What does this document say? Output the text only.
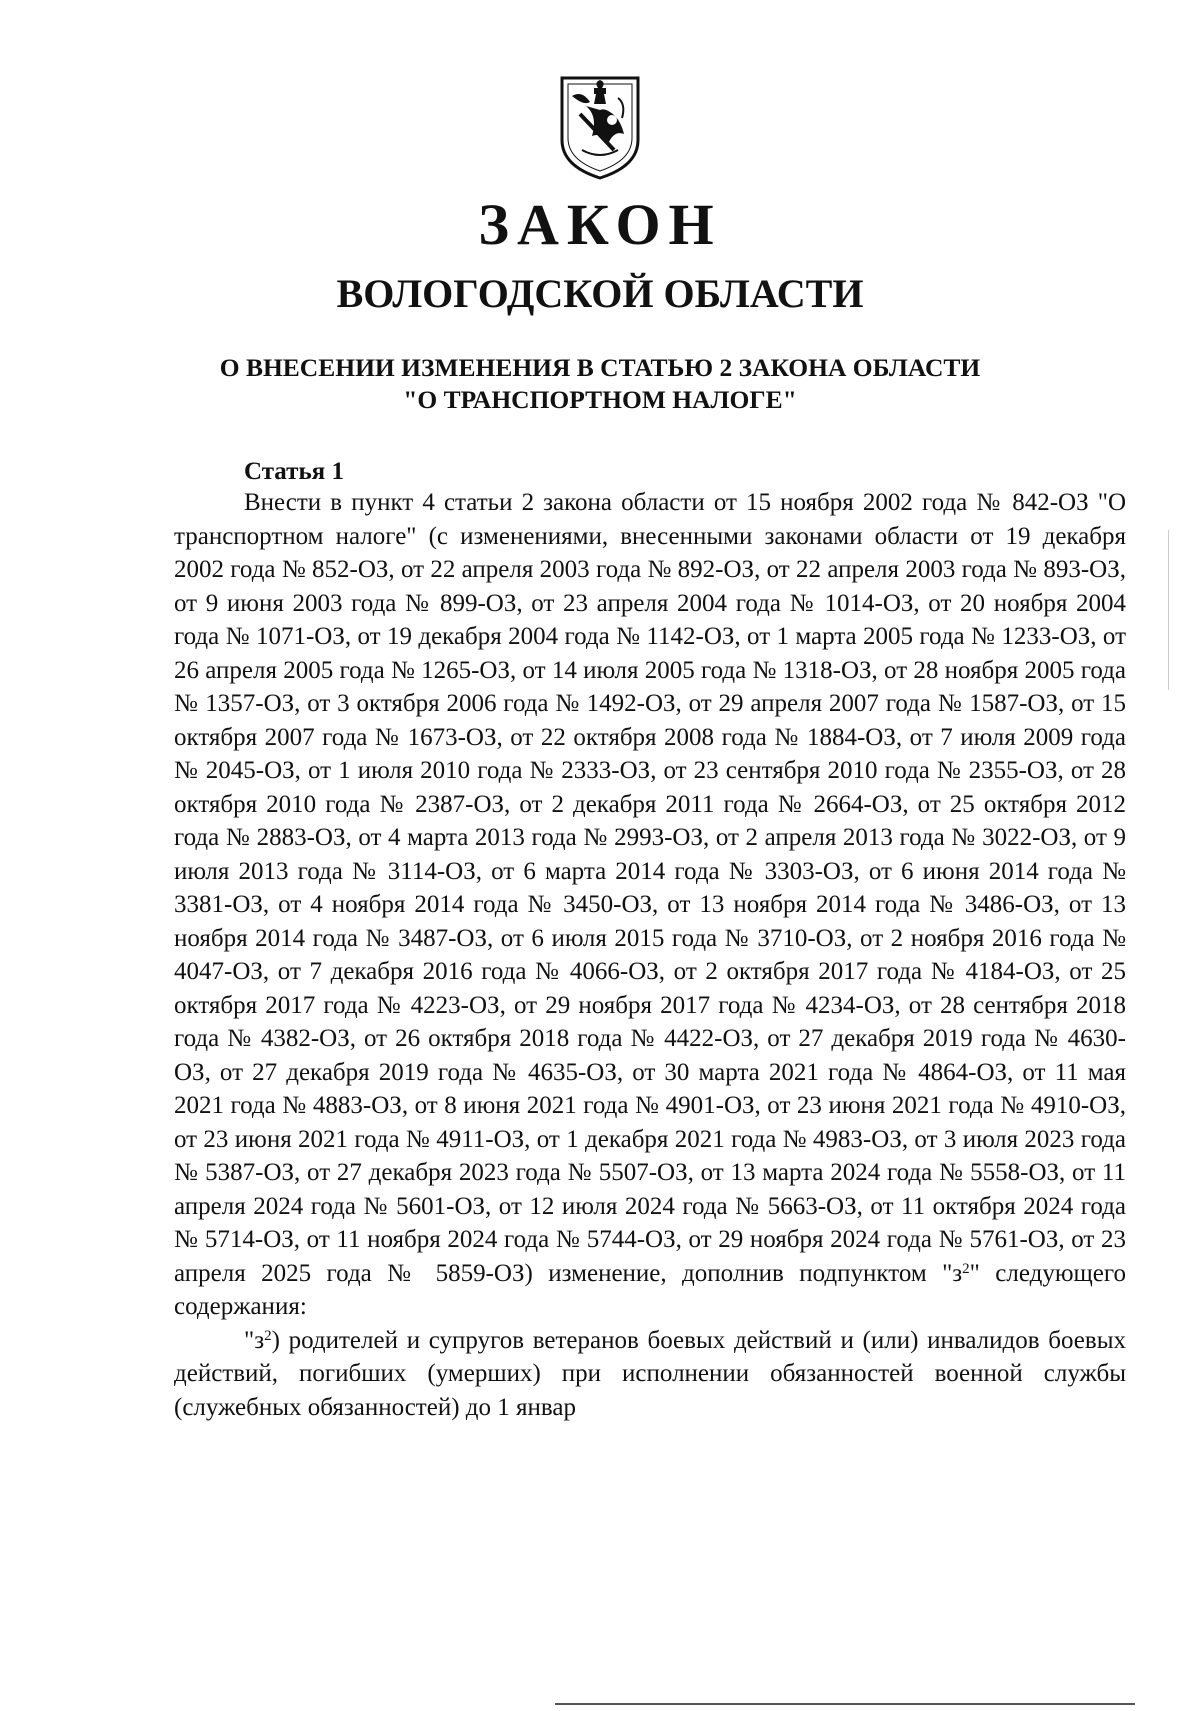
ЗАКОН
ВОЛОГОДСКОЙ ОБЛАСТИ
О ВНЕСЕНИИ ИЗМЕНЕНИЯ В СТАТЬЮ 2 ЗАКОНА ОБЛАСТИ
"О ТРАНСПОРТНОМ НАЛОГЕ"
Статья 1

Внести в пункт 4 статьи 2 закона области от 15 ноября 2002 года № 842-ОЗ "О транспортном налоге" (с изменениями, внесенными законами области от 19 декабря 2002 года № 852-ОЗ, от 22 апреля 2003 года № 892-ОЗ, от 22 апреля 2003 года № 893-ОЗ, от 9 июня 2003 года № 899-ОЗ, от 23 апреля 2004 года № 1014-ОЗ, от 20 ноября 2004 года № 1071-ОЗ, от 19 декабря 2004 года № 1142-ОЗ, от 1 марта 2005 года № 1233-ОЗ, от 26 апреля 2005 года № 1265-ОЗ, от 14 июля 2005 года № 1318-ОЗ, от 28 ноября 2005 года № 1357-ОЗ, от 3 октября 2006 года № 1492-ОЗ, от 29 апреля 2007 года № 1587-ОЗ, от 15 октября 2007 года № 1673-ОЗ, от 22 октября 2008 года № 1884-ОЗ, от 7 июля 2009 года № 2045-ОЗ, от 1 июля 2010 года № 2333-ОЗ, от 23 сентября 2010 года № 2355-ОЗ, от 28 октября 2010 года № 2387-ОЗ, от 2 декабря 2011 года № 2664-ОЗ, от 25 октября 2012 года № 2883-ОЗ, от 4 марта 2013 года № 2993-ОЗ, от 2 апреля 2013 года № 3022-ОЗ, от 9 июля 2013 года № 3114-ОЗ, от 6 марта 2014 года № 3303-ОЗ, от 6 июня 2014 года № 3381-ОЗ, от 4 ноября 2014 года № 3450-ОЗ, от 13 ноября 2014 года № 3486-ОЗ, от 13 ноября 2014 года № 3487-ОЗ, от 6 июля 2015 года № 3710-ОЗ, от 2 ноября 2016 года № 4047-ОЗ, от 7 декабря 2016 года № 4066-ОЗ, от 2 октября 2017 года № 4184-ОЗ, от 25 октября 2017 года № 4223-ОЗ, от 29 ноября 2017 года № 4234-ОЗ, от 28 сентября 2018 года № 4382-ОЗ, от 26 октября 2018 года № 4422-ОЗ, от 27 декабря 2019 года № 4630-ОЗ, от 27 декабря 2019 года № 4635-ОЗ, от 30 марта 2021 года № 4864-ОЗ, от 11 мая 2021 года № 4883-ОЗ, от 8 июня 2021 года № 4901-ОЗ, от 23 июня 2021 года № 4910-ОЗ, от 23 июня 2021 года № 4911-ОЗ, от 1 декабря 2021 года № 4983-ОЗ, от 3 июля 2023 года № 5387-ОЗ, от 27 декабря 2023 года № 5507-ОЗ, от 13 марта 2024 года № 5558-ОЗ, от 11 апреля 2024 года № 5601-ОЗ, от 12 июля 2024 года № 5663-ОЗ, от 11 октября 2024 года № 5714-ОЗ, от 11 ноября 2024 года № 5744-ОЗ, от 29 ноября 2024 года № 5761-ОЗ, от 23 апреля 2025 года № 5859-ОЗ) изменение, дополнив подпунктом "$з^2$" следующего содержания:

"$з^2$) родителей и супругов ветеранов боевых действий и (или) инвалидов боевых действий, погибших (умерших) при исполнении обязанностей военной службы (служебных обязанностей) до 1 январ
